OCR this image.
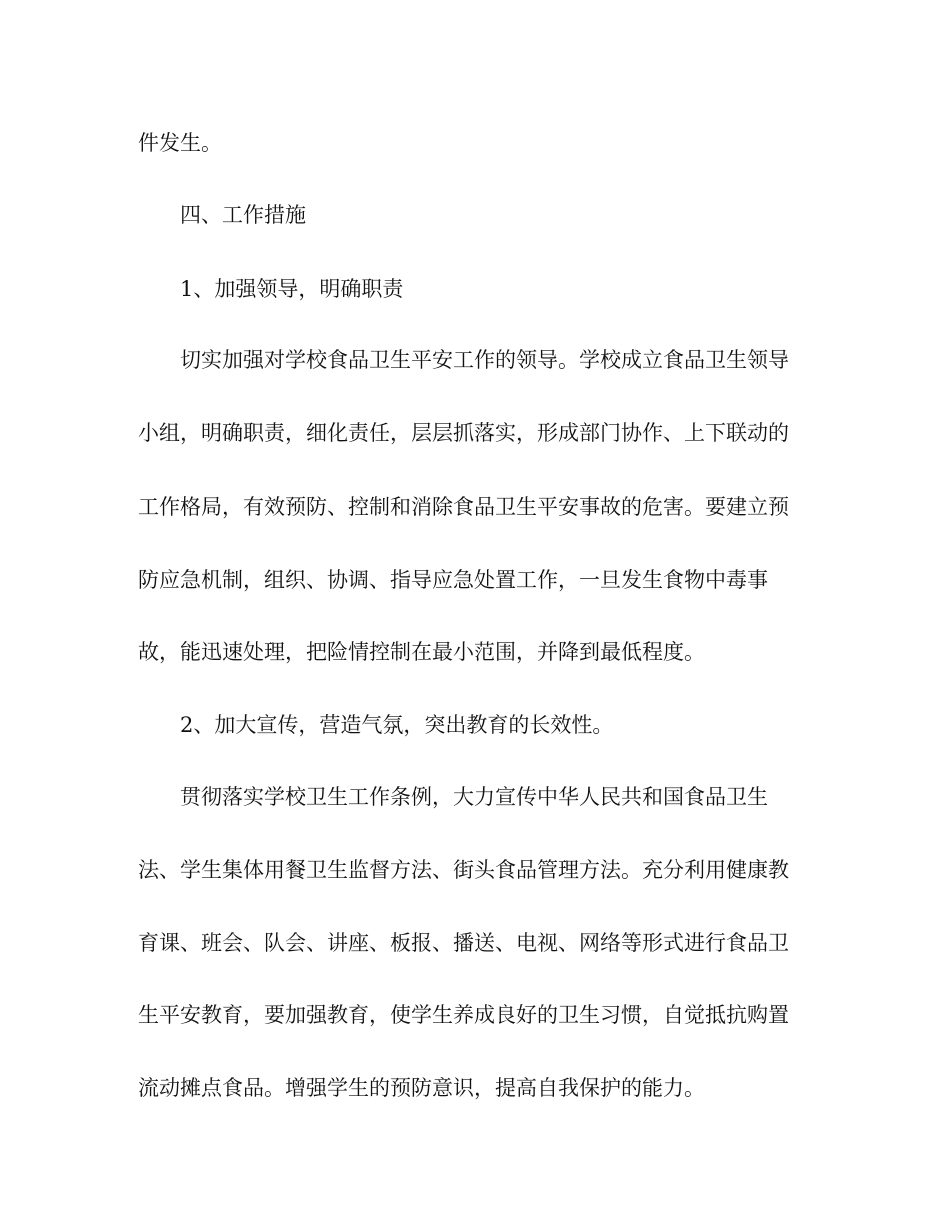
件发生。
四、工作措施
1、加强领导，明确职责
切实加强对学校食品卫生平安工作的领导。学校成立食品卫生领导
小组，明确职责，细化责任，层层抓落实，形成部门协作、上下联动的
工作格局，有效预防、控制和消除食品卫生平安事故的危害。要建立预
防应急机制，组织、协调、指导应急处置工作，一旦发生食物中毒事
故，能迅速处理，把险情控制在最小范围，并降到最低程度。
2、加大宣传，营造气氛，突出教育的长效性。
贯彻落实学校卫生工作条例，大力宣传中华人民共和国食品卫生
法、学生集体用餐卫生监督方法、街头食品管理方法。充分利用健康教
育课、班会、队会、讲座、板报、播送、电视、网络等形式进行食品卫
生平安教育，要加强教育，使学生养成良好的卫生习惯，自觉抵抗购置
流动摊点食品。增强学生的预防意识，提高自我保护的能力。
